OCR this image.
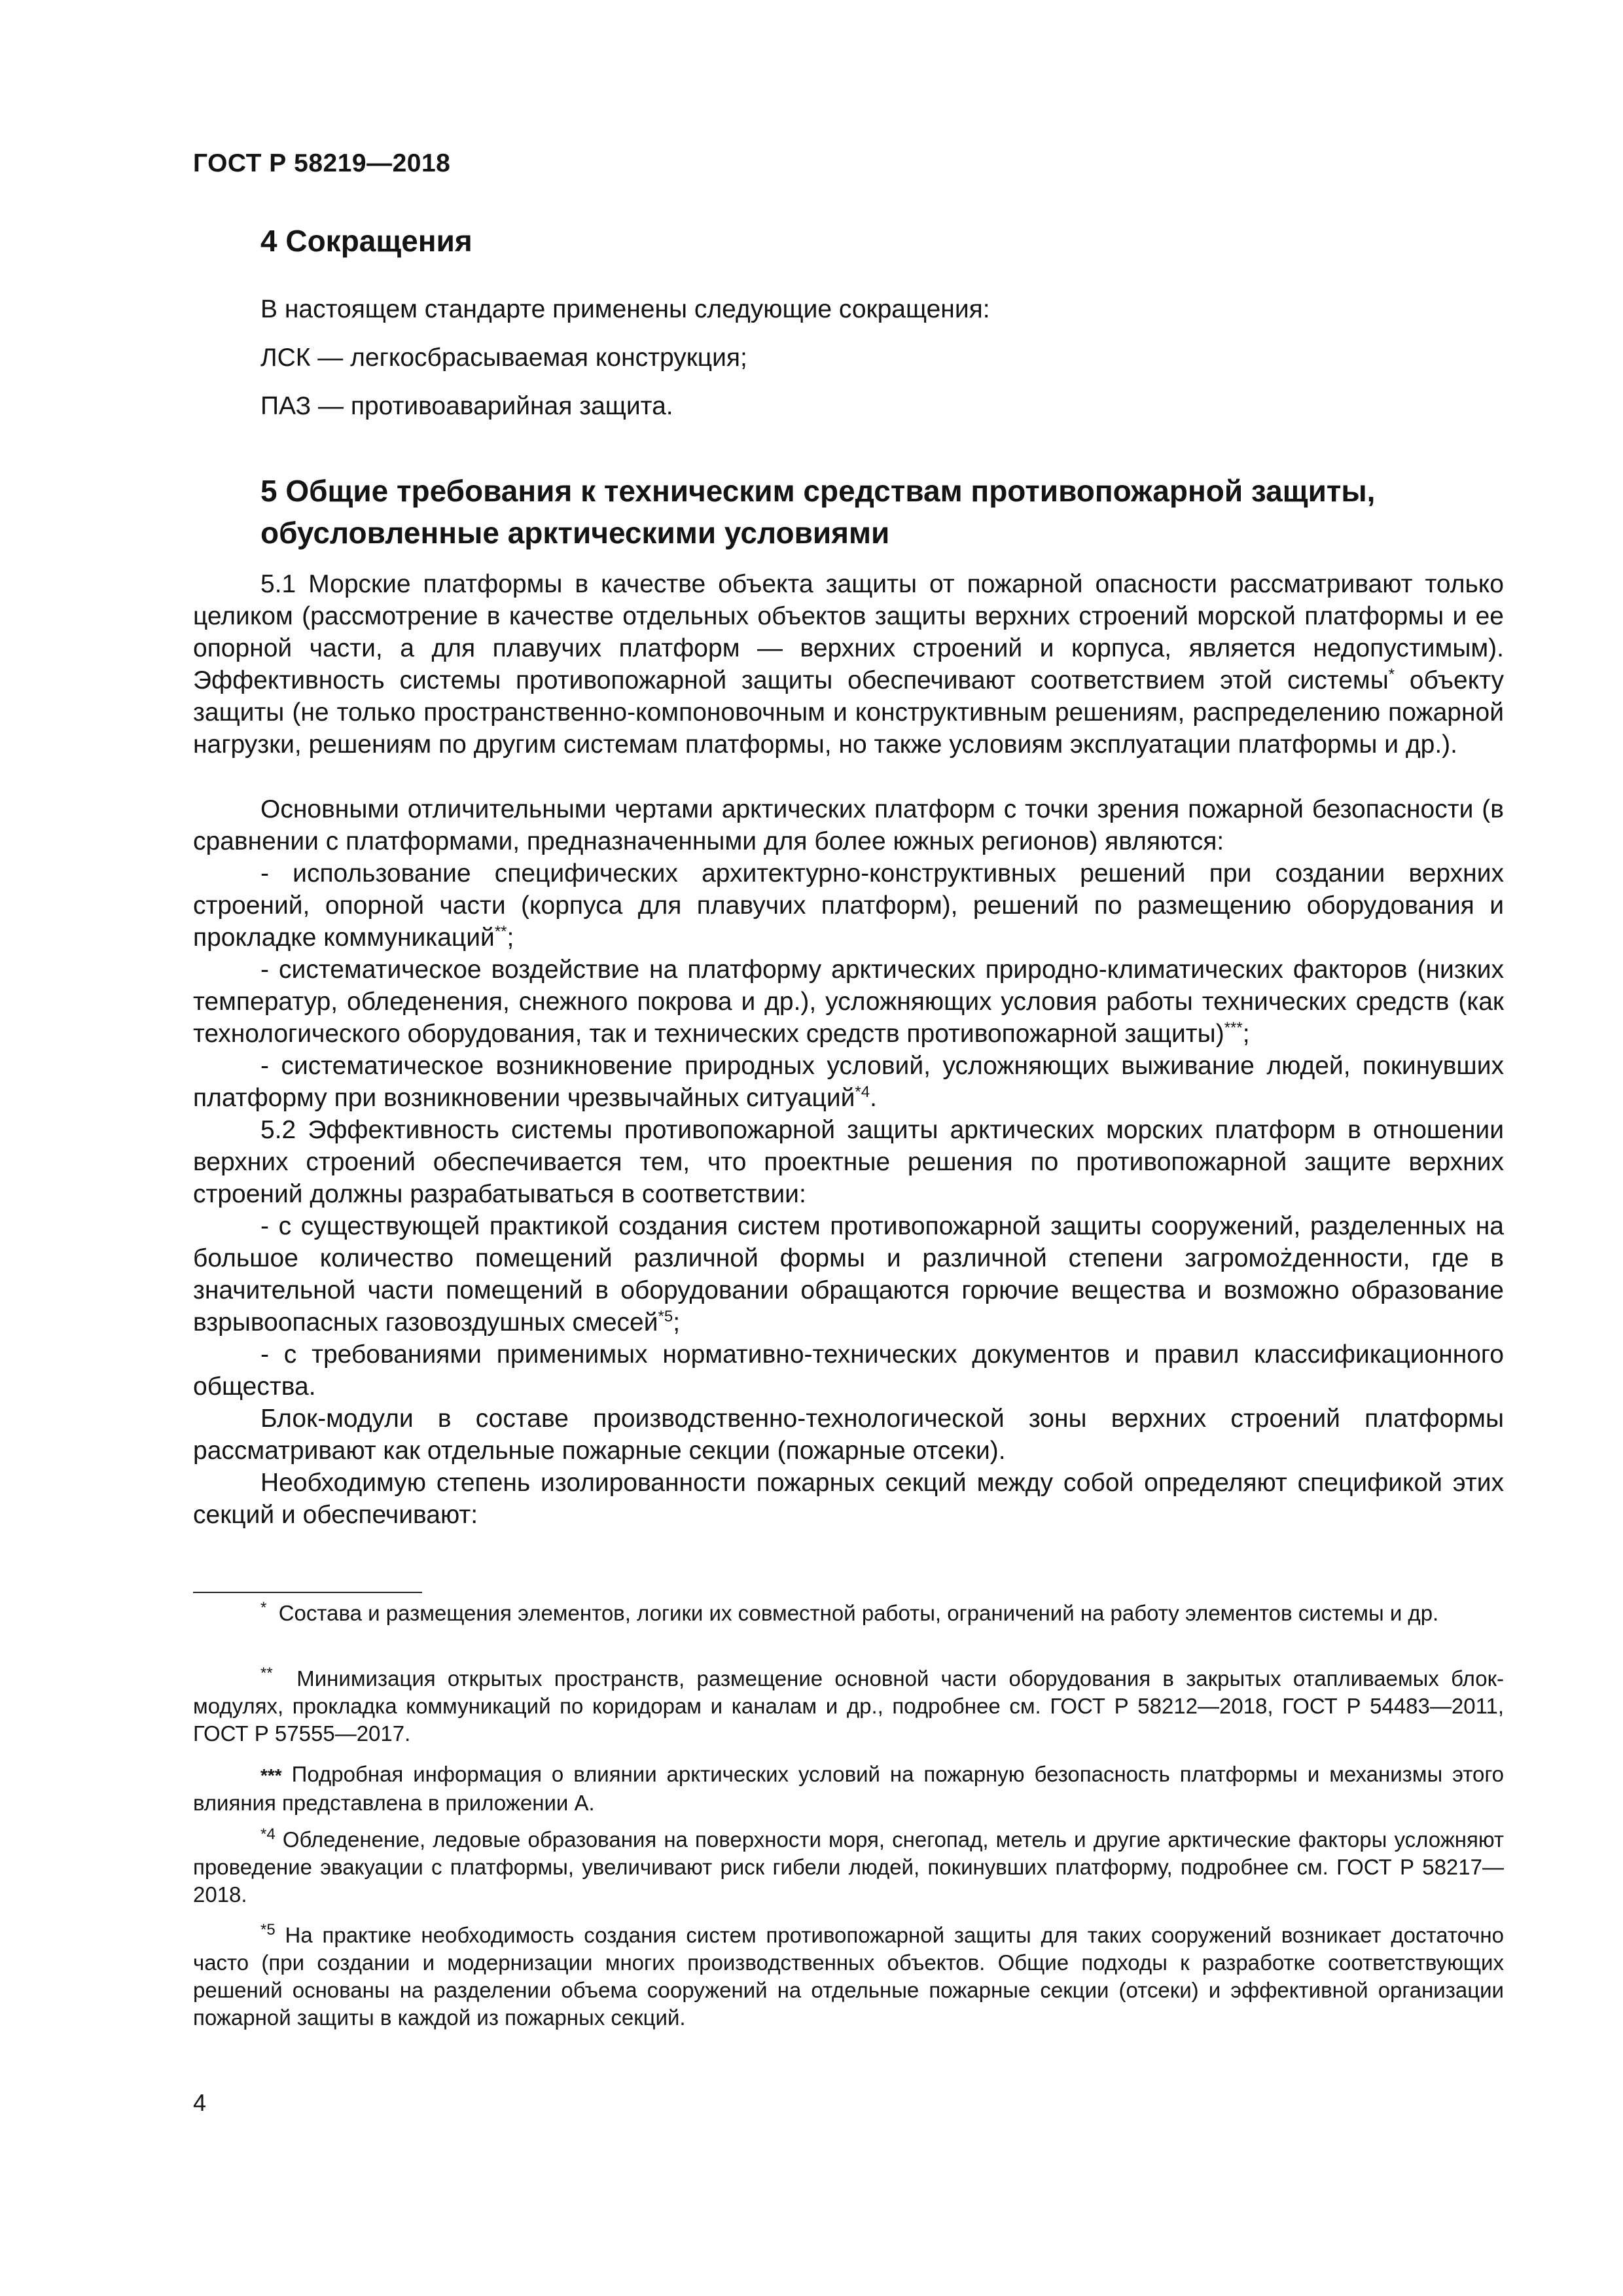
ГОСТ Р 58219—2018

4 Сокращения

В настоящем стандарте применены следующие сокращения:

ЛСК — легкосбрасываемая конструкция;

ПАЗ — противоаварийная защита.

5 Общие требования к техническим средствам противопожарной защиты,
обусловленные арктическими условиями

5.1 Морские платформы в качестве объекта защиты от пожарной опасности рассматривают только целиком (рассмотрение в качестве отдельных объектов защиты верхних строений морской платформы и ее опорной части, а для плавучих платформ — верхних строений и корпуса, является недопустимым). Эффективность системы противопожарной защиты обеспечивают соответствием этой системы* объекту защиты (не только пространственно-компоновочным и конструктивным решениям, распределению пожарной нагрузки, решениям по другим системам платформы, но также условиям эксплуатации платформы и др.).

Основными отличительными чертами арктических платформ с точки зрения пожарной безопасности (в сравнении с платформами, предназначенными для более южных регионов) являются:

- использование специфических архитектурно-конструктивных решений при создании верхних строений, опорной части (корпуса для плавучих платформ), решений по размещению оборудования и прокладке коммуникаций**;

- систематическое воздействие на платформу арктических природно-климатических факторов (низких температур, обледенения, снежного покрова и др.), усложняющих условия работы технических средств (как технологического оборудования, так и технических средств противопожарной защиты)***;

- систематическое возникновение природных условий, усложняющих выживание людей, покинувших платформу при возникновении чрезвычайных ситуаций$^{*4}$.

5.2 Эффективность системы противопожарной защиты арктических морских платформ в отношении верхних строений обеспечивается тем, что проектные решения по противопожарной защите верхних строений должны разрабатываться в соответствии:

- с существующей практикой создания систем противопожарной защиты сооружений, разделенных на большое количество помещений различной формы и различной степени загромożденности, где в значительной части помещений в оборудовании обращаются горючие вещества и возможно образование взрывоопасных газовоздушных смесей$^{*5}$;

- с требованиями применимых нормативно-технических документов и правил классификационного общества.

Блок-модули в составе производственно-технологической зоны верхних строений платформы рассматривают как отдельные пожарные секции (пожарные отсеки).

Необходимую степень изолированности пожарных секций между собой определяют спецификой этих секций и обеспечивают:

* Состава и размещения элементов, логики их совместной работы, ограничений на работу элементов системы и др.

** Минимизация открытых пространств, размещение основной части оборудования в закрытых отапливаемых блок-модулях, прокладка коммуникаций по коридорам и каналам и др., подробнее см. ГОСТ Р 58212—2018, ГОСТ Р 54483—2011, ГОСТ Р 57555—2017.

*** Подробная информация о влиянии арктических условий на пожарную безопасность платформы и механизмы этого влияния представлена в приложении А.

$^{*4}$ Обледенение, ледовые образования на поверхности моря, снегопад, метель и другие арктические факторы усложняют проведение эвакуации с платформы, увеличивают риск гибели людей, покинувших платформу, подробнее см. ГОСТ Р 58217—2018.

$^{*5}$ На практике необходимость создания систем противопожарной защиты для таких сооружений возникает достаточно часто (при создании и модернизации многих производственных объектов. Общие подходы к разработке соответствующих решений основаны на разделении объема сооружений на отдельные пожарные секции (отсеки) и эффективной организации пожарной защиты в каждой из пожарных секций.

4
